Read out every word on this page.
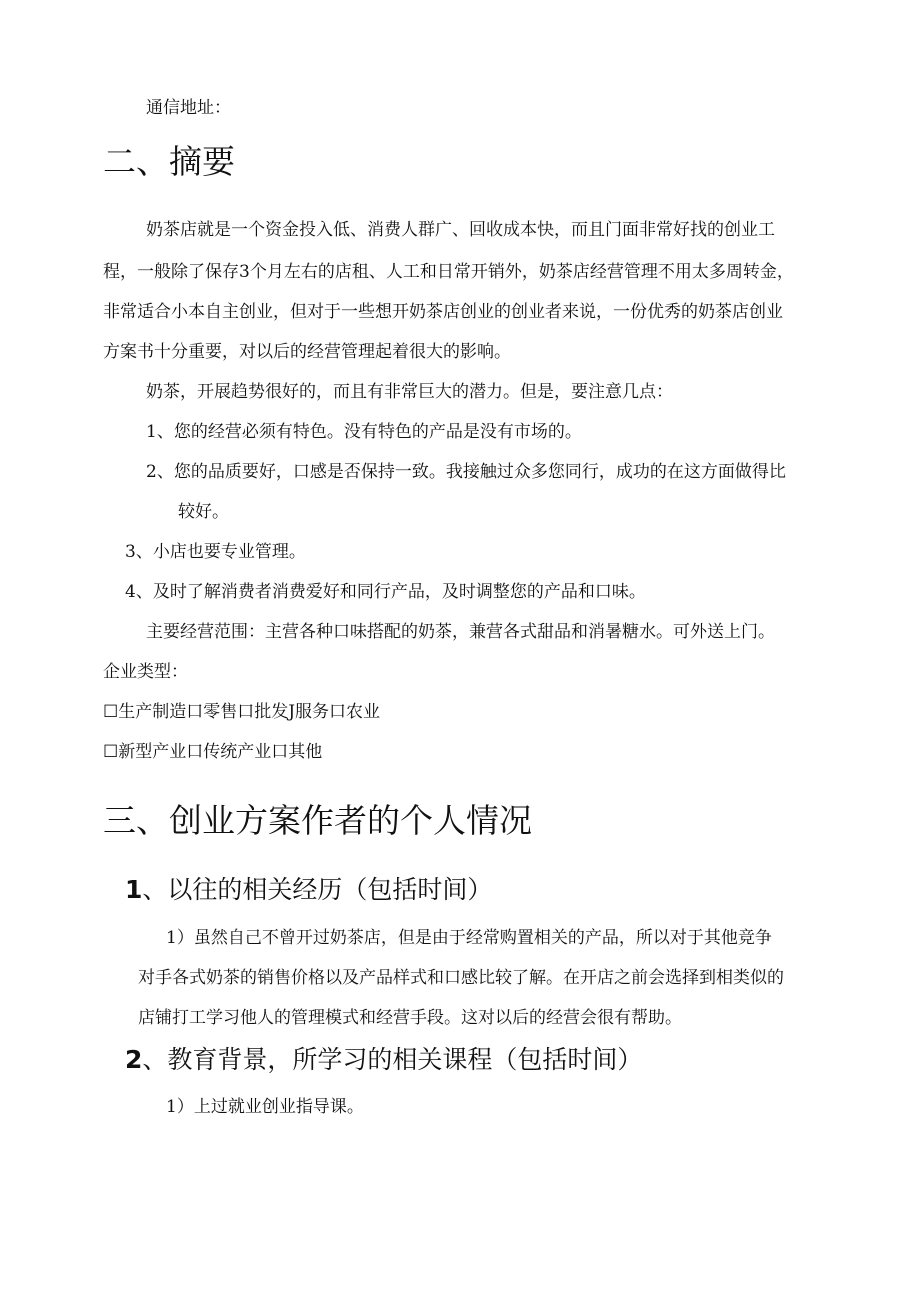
通信地址：
二、摘要
奶茶店就是一个资金投入低、消费人群广、回收成本快，而且门面非常好找的创业工
程，一般除了保存3个月左右的店租、人工和日常开销外，奶茶店经营管理不用太多周转金，
非常适合小本自主创业，但对于一些想开奶茶店创业的创业者来说，一份优秀的奶茶店创业
方案书十分重要，对以后的经营管理起着很大的影响。
奶茶，开展趋势很好的，而且有非常巨大的潜力。但是，要注意几点：
1、您的经营必须有特色。没有特色的产品是没有市场的。
2、您的品质要好，口感是否保持一致。我接触过众多您同行，成功的在这方面做得比
较好。
3、小店也要专业管理。
4、及时了解消费者消费爱好和同行产品，及时调整您的产品和口味。
主要经营范围：主营各种口味搭配的奶茶，兼营各式甜品和消暑糖水。可外送上门。
企业类型：
☐生产制造口零售口批发J服务口农业
☐新型产业口传统产业口其他
三、创业方案作者的个人情况
1、以往的相关经历（包括时间）
1）虽然自己不曾开过奶茶店，但是由于经常购置相关的产品，所以对于其他竞争
对手各式奶茶的销售价格以及产品样式和口感比较了解。在开店之前会选择到相类似的
店铺打工学习他人的管理模式和经营手段。这对以后的经营会很有帮助。
2、教育背景，所学习的相关课程（包括时间）
1）上过就业创业指导课。
